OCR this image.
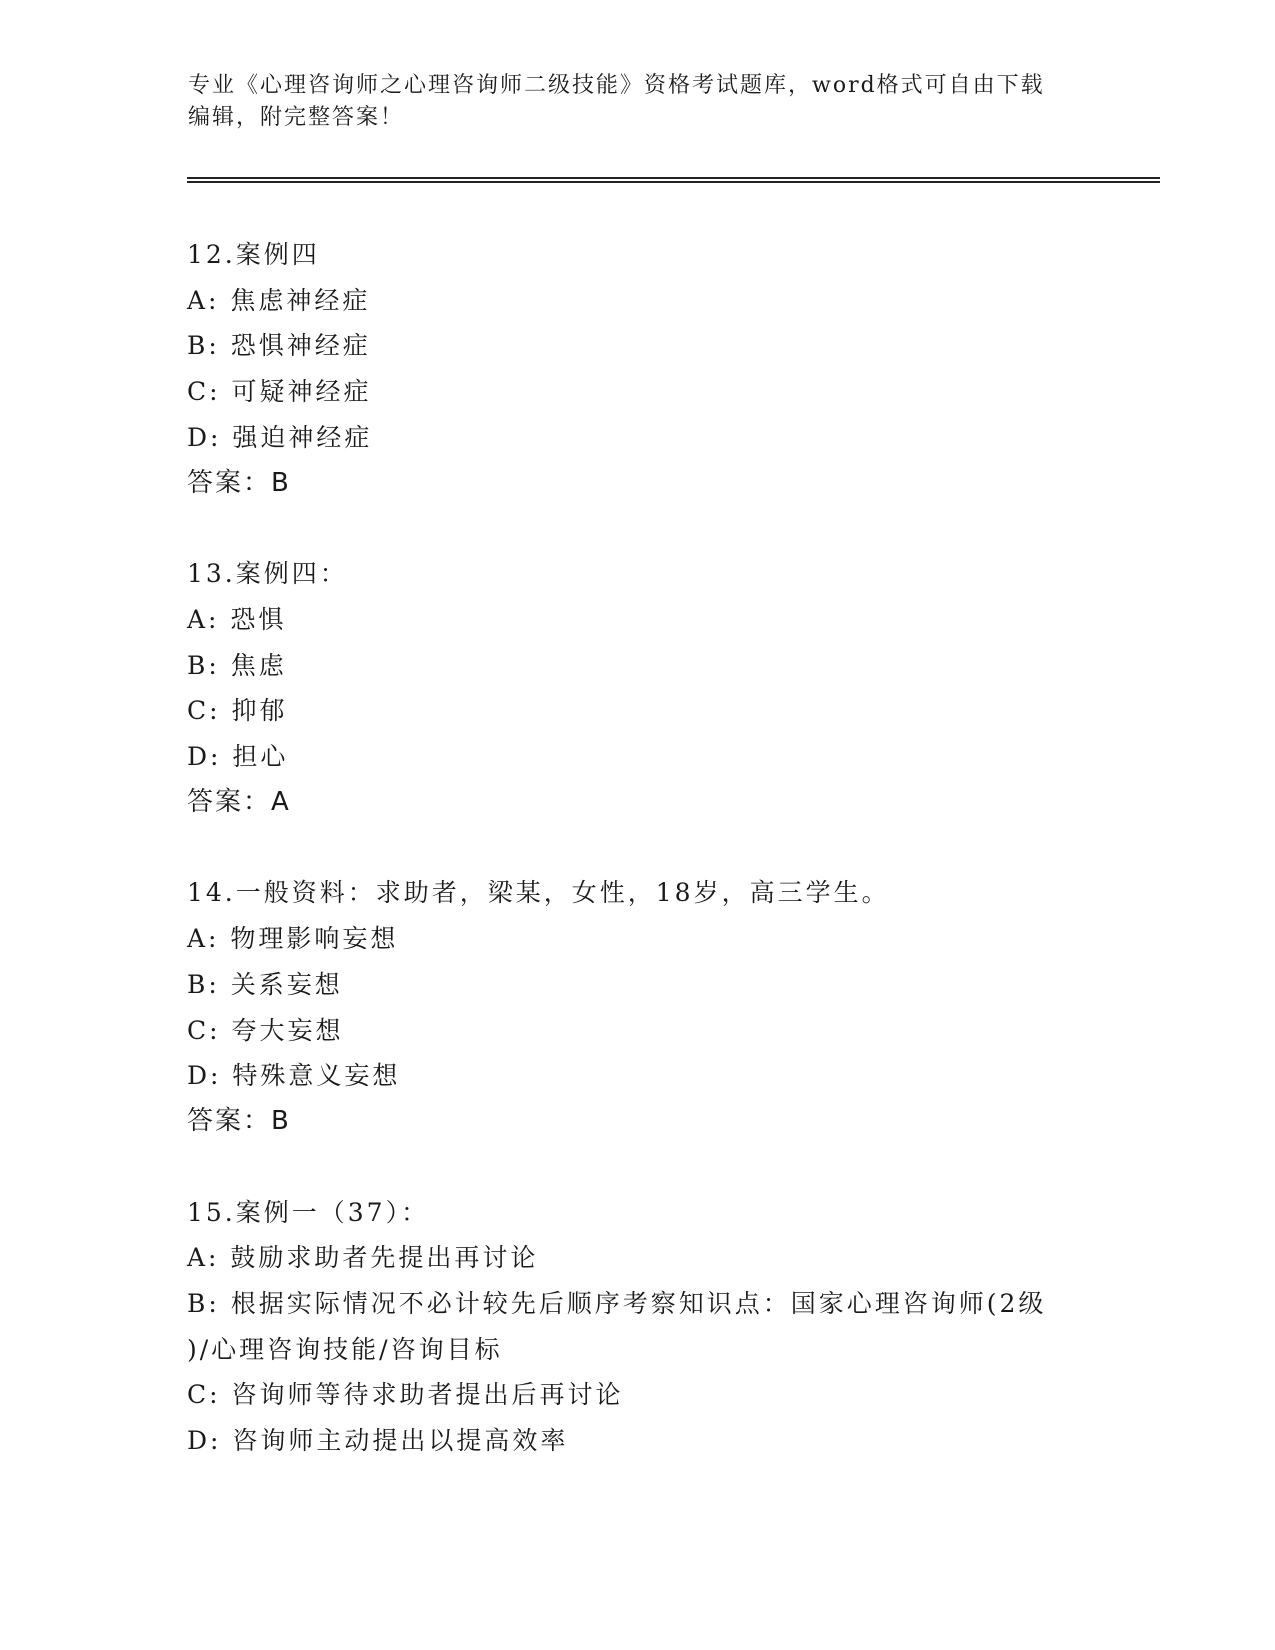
专业《心理咨询师之心理咨询师二级技能》资格考试题库，word格式可自由下载
编辑，附完整答案！
12.案例四
A: 焦虑神经症
B: 恐惧神经症
C: 可疑神经症
D: 强迫神经症
答案：B
13.案例四：
A: 恐惧
B: 焦虑
C: 抑郁
D: 担心
答案：A
14.一般资料：求助者，梁某，女性，18岁，高三学生。
A: 物理影响妄想
B: 关系妄想
C: 夸大妄想
D: 特殊意义妄想
答案：B
15.案例一（37）：
A: 鼓励求助者先提出再讨论
B: 根据实际情况不必计较先后顺序考察知识点：国家心理咨询师(2级
)/心理咨询技能/咨询目标
C: 咨询师等待求助者提出后再讨论
D: 咨询师主动提出以提高效率
